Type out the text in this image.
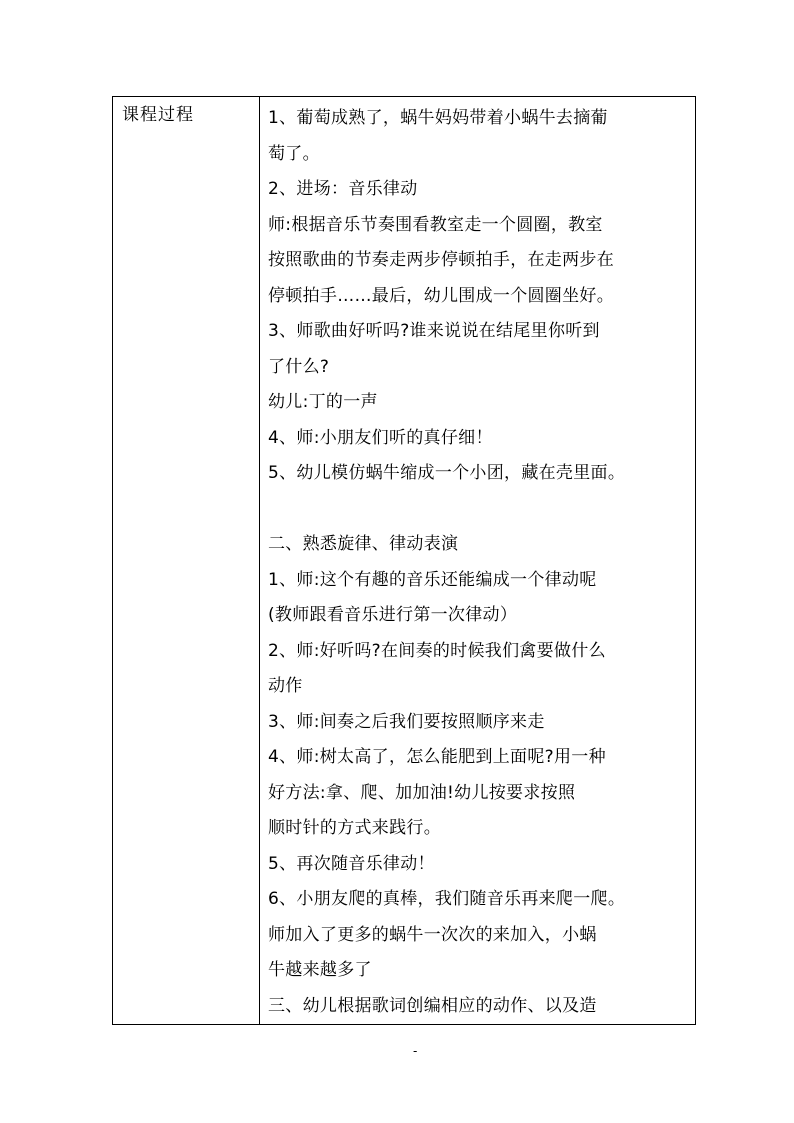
课程过程	1、葡萄成熟了，蜗牛妈妈带着小蜗牛去摘葡
萄了。
2、进场：音乐律动
师:根据音乐节奏围看教室走一个圆圈，教室
按照歌曲的节奏走两步停顿拍手，在走两步在
停顿拍手……最后，幼儿围成一个圆圈坐好。
3、师歌曲好听吗?谁来说说在结尾里你听到
了什么?
幼儿:丁的一声
4、师:小朋友们听的真仔细！
5、幼儿模仿蜗牛缩成一个小团，藏在壳里面。
二、熟悉旋律、律动表演
1、师:这个有趣的音乐还能编成一个律动呢
(教师跟看音乐进行第一次律动）
2、师:好听吗?在间奏的时候我们禽要做什么
动作
3、师:间奏之后我们要按照顺序来走
4、师:树太高了，怎么能肥到上面呢?用一种
好方法:拿、爬、加加油!幼儿按要求按照
顺时针的方式来践行。
5、再次随音乐律动！
6、小朋友爬的真棒，我们随音乐再来爬一爬。
师加入了更多的蜗牛一次次的来加入，小蜗
牛越来越多了
三、幼儿根据歌词创编相应的动作、以及造
-
